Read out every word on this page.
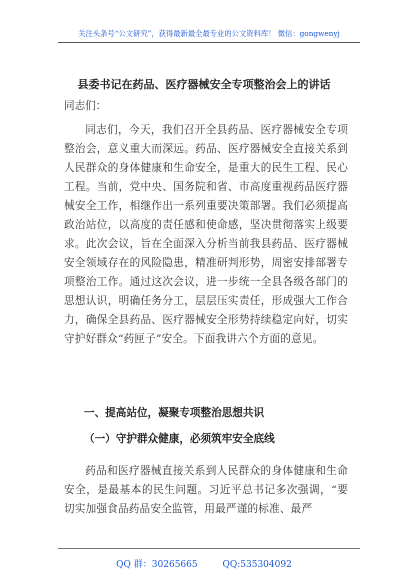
关注头条号“公文研究”，获得最新最全最专业的公文资料库！ 微信：gongwenyj
县委书记在药品、医疗器械安全专项整治会上的讲话
同志们：
同志们，今天，我们召开全县药品、医疗器械安全专项整治会，意义重大而深远。药品、医疗器械安全直接关系到人民群众的身体健康和生命安全，是重大的民生工程、民心工程。当前，党中央、国务院和省、市高度重视药品医疗器械安全工作，相继作出一系列重要决策部署。我们必须提高政治站位，以高度的责任感和使命感，坚决贯彻落实上级要求。此次会议，旨在全面深入分析当前我县药品、医疗器械安全领域存在的风险隐患，精准研判形势，周密安排部署专项整治工作。通过这次会议，进一步统一全县各级各部门的思想认识，明确任务分工，层层压实责任，形成强大工作合力，确保全县药品、医疗器械安全形势持续稳定向好，切实守护好群众“药匣子”安全。下面我讲六个方面的意见。
一、提高站位，凝聚专项整治思想共识
（一）守护群众健康，必须筑牢安全底线
药品和医疗器械直接关系到人民群众的身体健康和生命安全，是最基本的民生问题。习近平总书记多次强调，“要切实加强食品药品安全监管，用最严谨的标准、最严
QQ 群：30265665	QQ:535304092
